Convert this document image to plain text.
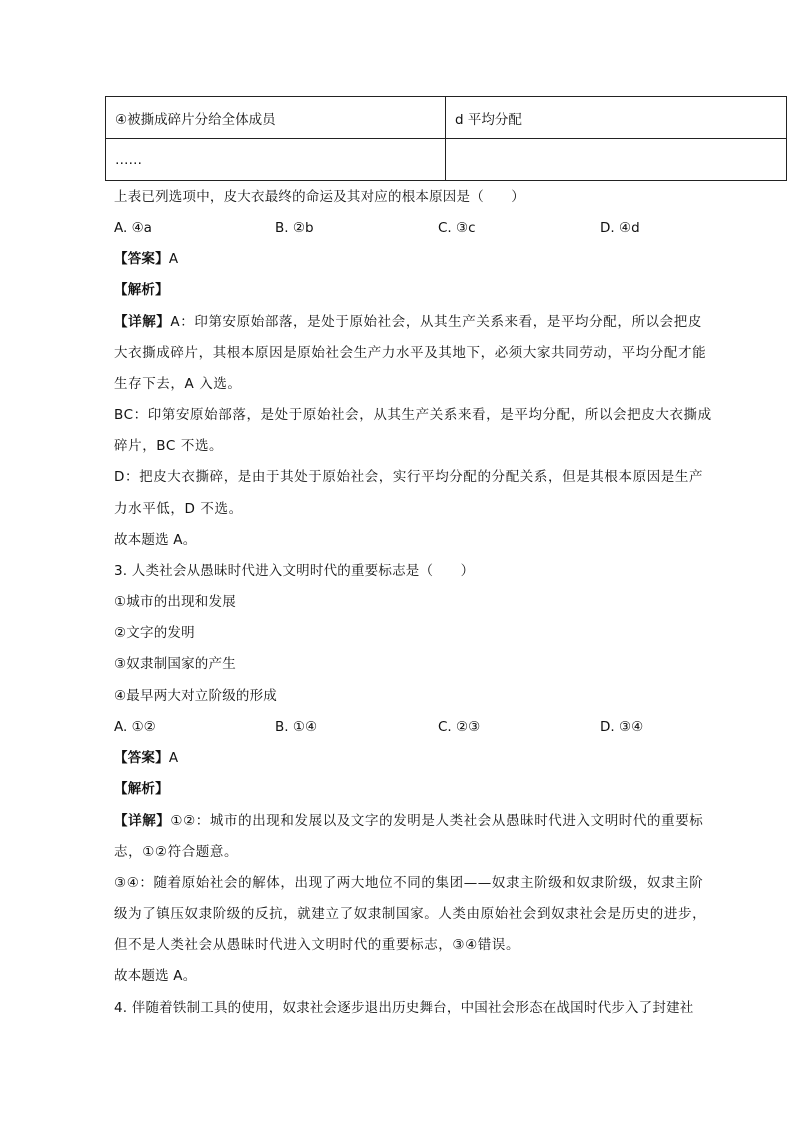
④被撕成碎片分给全体成员	d 平均分配
……	
上表已列选项中，皮大衣最终的命运及其对应的根本原因是（　　）
A. ④a	B. ②b	C. ③c	D. ④d
【答案】A
【解析】
【详解】A：印第安原始部落，是处于原始社会，从其生产关系来看，是平均分配，所以会把皮
大衣撕成碎片，其根本原因是原始社会生产力水平及其地下，必须大家共同劳动，平均分配才能
生存下去，A 入选。
BC：印第安原始部落，是处于原始社会，从其生产关系来看，是平均分配，所以会把皮大衣撕成
碎片，BC 不选。
D：把皮大衣撕碎，是由于其处于原始社会，实行平均分配的分配关系，但是其根本原因是生产
力水平低，D 不选。
故本题选 A。
3. 人类社会从愚昧时代进入文明时代的重要标志是（　　）
①城市的出现和发展
②文字的发明
③奴隶制国家的产生
④最早两大对立阶级的形成
A. ①②	B. ①④	C. ②③	D. ③④
【答案】A
【解析】
【详解】①②：城市的出现和发展以及文字的发明是人类社会从愚昧时代进入文明时代的重要标
志，①②符合题意。
③④：随着原始社会的解体，出现了两大地位不同的集团——奴隶主阶级和奴隶阶级，奴隶主阶
级为了镇压奴隶阶级的反抗，就建立了奴隶制国家。人类由原始社会到奴隶社会是历史的进步，
但不是人类社会从愚昧时代进入文明时代的重要标志，③④错误。
故本题选 A。
4. 伴随着铁制工具的使用，奴隶社会逐步退出历史舞台，中国社会形态在战国时代步入了封建社
